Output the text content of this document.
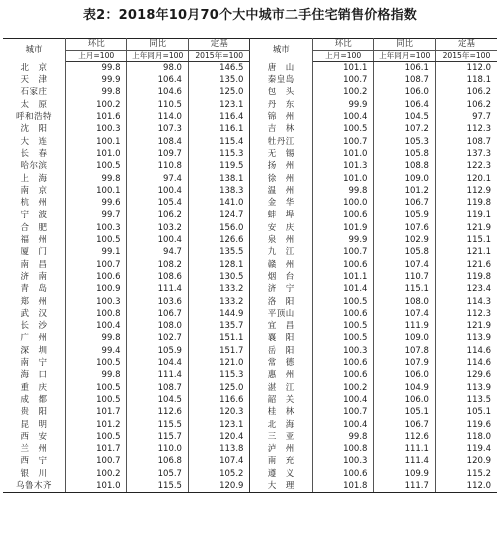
表2：2018年10月70个大中城市二手住宅销售价格指数
城市	环比	同比	定基	城市	环比	同比	定基
	上月=100	上年同月=100	2015年=100		上月=100	上年同月=100	2015年=100
北　京	99.8	98.0	146.5	唐　山	101.1	106.1	112.0
天　津	99.9	106.4	135.0	秦皇岛	100.7	108.7	118.1
石家庄	99.8	104.6	125.0	包　头	100.2	106.0	106.2
太　原	100.2	110.5	123.1	丹　东	99.9	106.4	106.2
呼和浩特	101.6	114.0	116.4	锦　州	100.4	104.5	97.7
沈　阳	100.3	107.3	116.1	吉　林	100.5	107.2	112.3
大　连	100.1	108.4	115.4	牡丹江	100.7	105.3	108.7
长　春	101.0	109.7	115.3	无　锡	101.0	105.8	137.3
哈尔滨	100.5	110.8	119.5	扬　州	101.3	108.8	122.3
上　海	99.8	97.4	138.1	徐　州	101.0	109.0	120.1
南　京	100.1	100.4	138.3	温　州	99.8	101.2	112.9
杭　州	99.6	105.4	141.0	金　华	100.0	106.7	119.8
宁　波	99.7	106.2	124.7	蚌　埠	100.6	105.9	119.1
合　肥	100.3	103.2	156.0	安　庆	101.9	107.6	121.9
福　州	100.5	100.4	126.6	泉　州	99.9	102.9	115.1
厦　门	99.1	94.7	135.5	九　江	100.7	105.8	121.1
南　昌	100.7	108.2	128.1	赣　州	100.6	107.4	121.6
济　南	100.6	108.6	130.5	烟　台	101.1	110.7	119.8
青　岛	100.9	111.4	133.2	济　宁	101.4	115.1	123.4
郑　州	100.3	103.6	133.2	洛　阳	100.5	108.0	114.3
武　汉	100.8	106.7	144.9	平顶山	100.6	107.4	112.3
长　沙	100.4	108.0	135.7	宜　昌	100.5	111.9	121.9
广　州	99.8	102.7	151.1	襄　阳	100.5	109.0	113.9
深　圳	99.4	105.9	151.7	岳　阳	100.3	107.8	114.6
南　宁	100.5	104.4	121.0	常　德	100.6	107.9	114.6
海　口	99.8	111.4	115.3	惠　州	100.6	106.0	129.6
重　庆	100.5	108.7	125.0	湛　江	100.2	104.9	113.9
成　都	100.5	104.5	116.6	韶　关	100.4	106.0	113.5
贵　阳	101.7	112.6	120.3	桂　林	100.7	105.1	105.1
昆　明	101.2	115.5	123.1	北　海	100.4	106.7	119.6
西　安	100.5	115.7	120.4	三　亚	99.8	112.6	118.0
兰　州	101.7	110.0	113.8	泸　州	100.8	111.1	119.4
西　宁	100.7	106.8	107.4	南　充	100.3	111.4	120.9
银　川	100.2	105.7	105.2	遵　义	100.6	109.9	115.2
乌鲁木齐	101.0	115.5	120.9	大　理	101.8	111.7	112.0
